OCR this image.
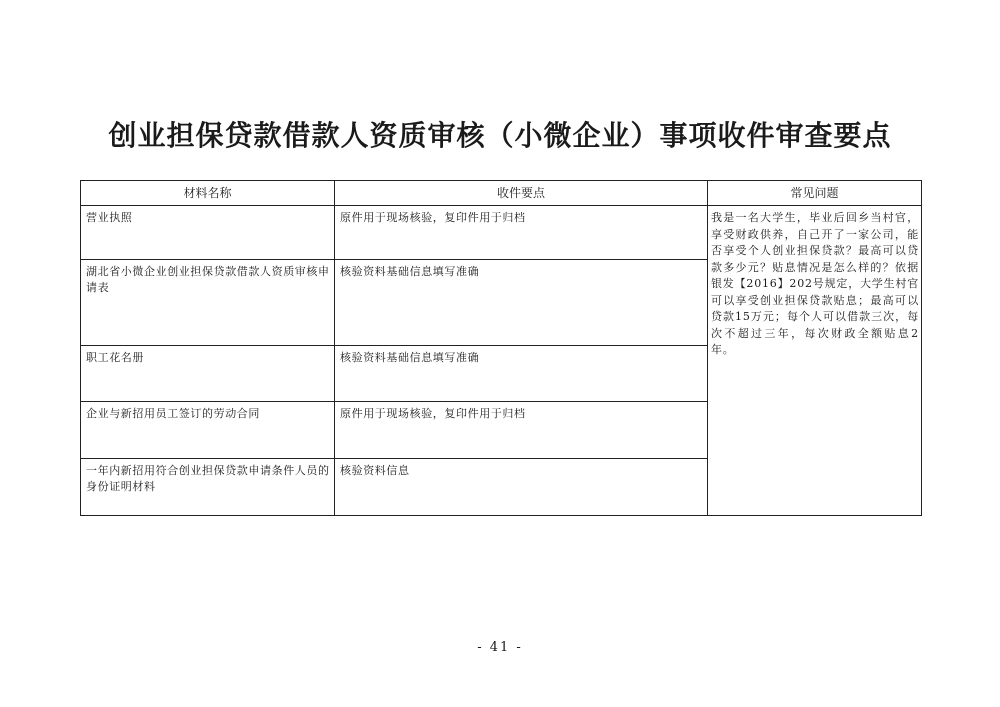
创业担保贷款借款人资质审核（小微企业）事项收件审查要点
材料名称	收件要点	常见问题

营业执照	原件用于现场核验，复印件用于归档	我是一名大学生，毕业后回乡当村官，享受财政供养，自己开了一家公司，能否享受个人创业担保贷款？最高可以贷款多少元？贴息情况是怎么样的？依据银发【2016】202号规定，大学生村官可以享受创业担保贷款贴息；最高可以贷款15万元；每个人可以借款三次，每次不超过三年，每次财政全额贴息2年。

湖北省小微企业创业担保贷款借款人资质审核申请表	核验资料基础信息填写准确	

职工花名册	核验资料基础信息填写准确	

企业与新招用员工签订的劳动合同	原件用于现场核验，复印件用于归档	

一年内新招用符合创业担保贷款申请条件人员的身份证明材料	核验资料信息	
- 41 -
